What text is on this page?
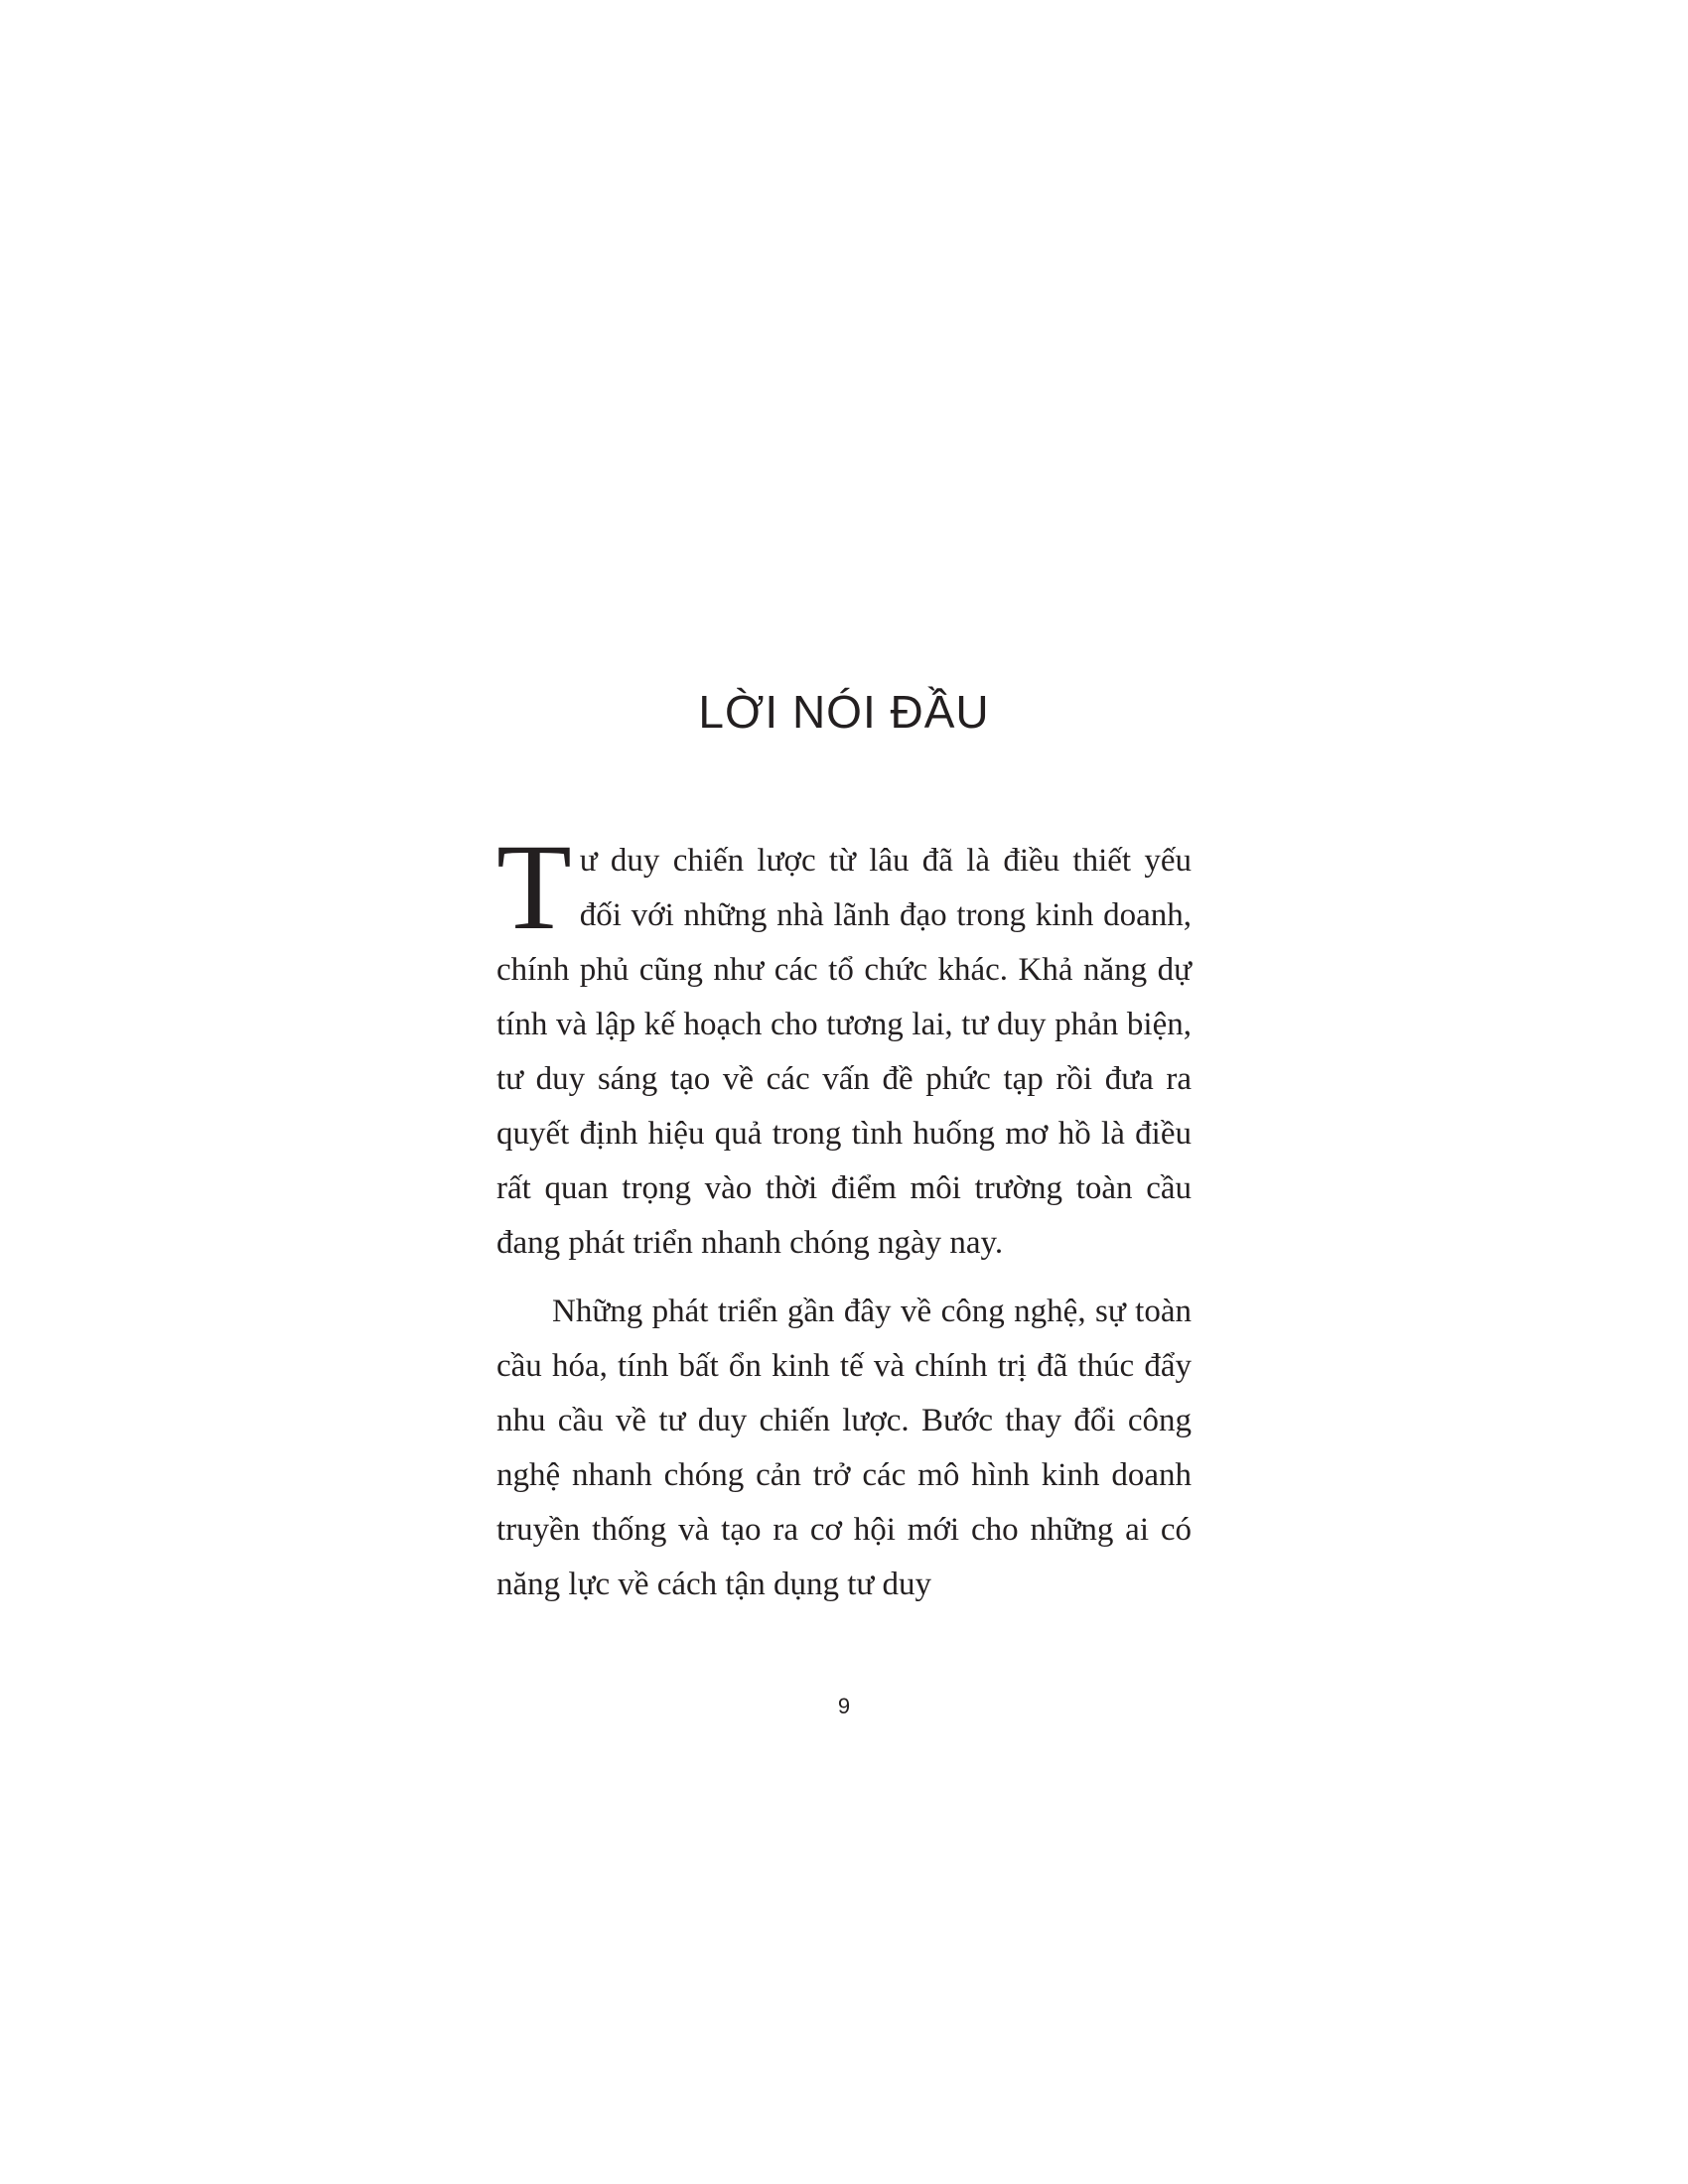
LỜI NÓI ĐẦU

Tư duy chiến lược từ lâu đã là điều thiết yếu đối với những nhà lãnh đạo trong kinh doanh, chính phủ cũng như các tổ chức khác. Khả năng dự tính và lập kế hoạch cho tương lai, tư duy phản biện, tư duy sáng tạo về các vấn đề phức tạp rồi đưa ra quyết định hiệu quả trong tình huống mơ hồ là điều rất quan trọng vào thời điểm môi trường toàn cầu đang phát triển nhanh chóng ngày nay.

Những phát triển gần đây về công nghệ, sự toàn cầu hóa, tính bất ổn kinh tế và chính trị đã thúc đẩy nhu cầu về tư duy chiến lược. Bước thay đổi công nghệ nhanh chóng cản trở các mô hình kinh doanh truyền thống và tạo ra cơ hội mới cho những ai có năng lực về cách tận dụng tư duy

9
